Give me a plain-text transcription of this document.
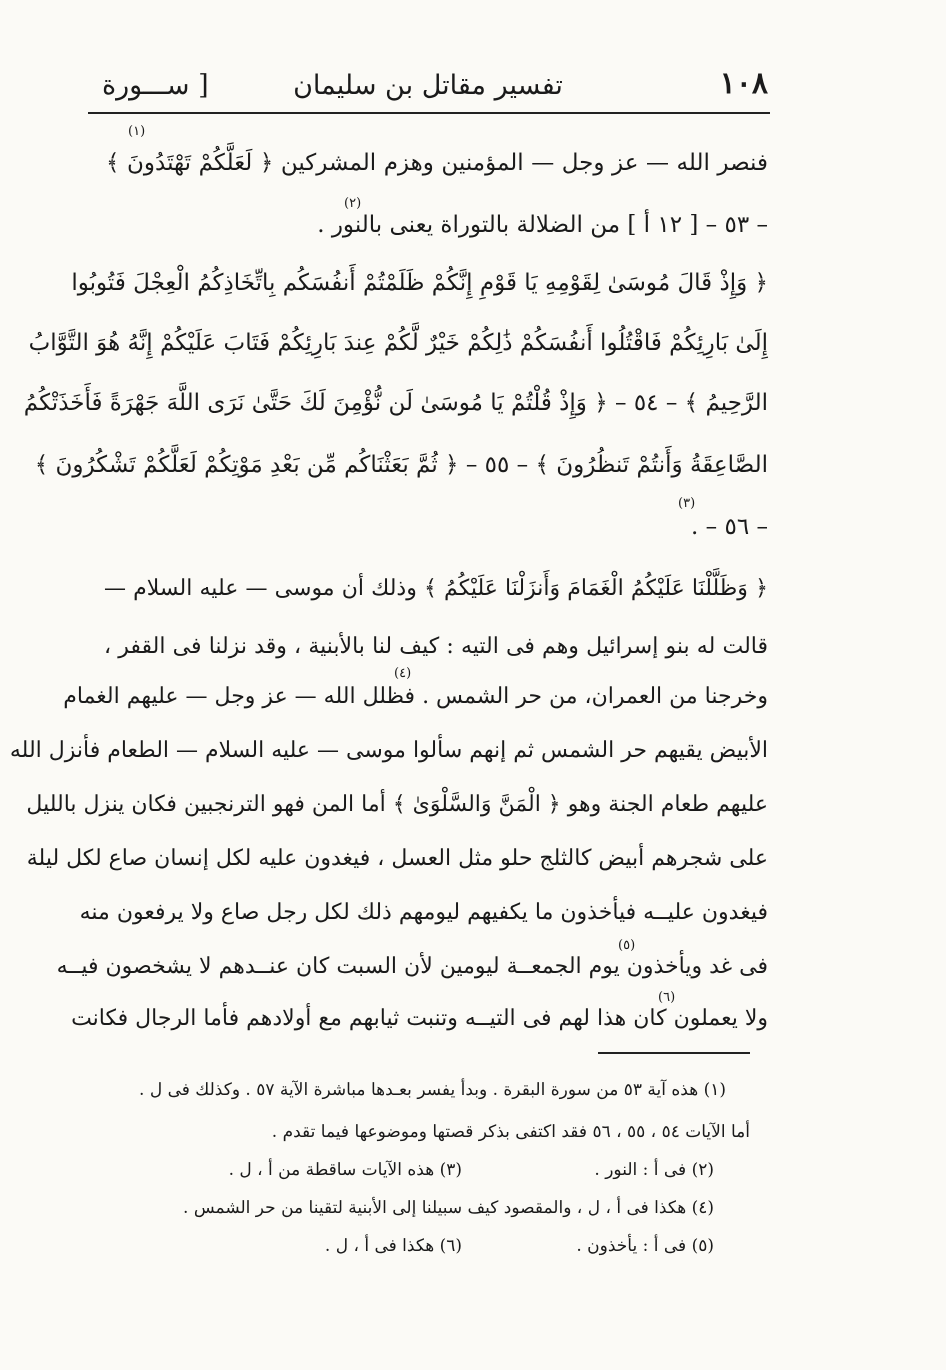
١٠٨
تفسير مقاتل بن سليمان
[ ســـورة
(١)
فنصر الله — عز وجل — المؤمنين وهزم المشركين ﴿ لَعَلَّكُمْ تَهْتَدُونَ ﴾
(٢)
– ٥٣ – [ ١٢ أ ] من الضلالة بالتوراة يعنى بالنور .
﴿ وَإِذْ قَالَ مُوسَىٰ لِقَوْمِهِ يَا قَوْمِ إِنَّكُمْ ظَلَمْتُمْ أَنفُسَكُم بِاتِّخَاذِكُمُ الْعِجْلَ فَتُوبُوا
إِلَىٰ بَارِئِكُمْ فَاقْتُلُوا أَنفُسَكُمْ ذَٰلِكُمْ خَيْرٌ لَّكُمْ عِندَ بَارِئِكُمْ فَتَابَ عَلَيْكُمْ إِنَّهُ هُوَ التَّوَّابُ
الرَّحِيمُ ﴾ – ٥٤ – ﴿ وَإِذْ قُلْتُمْ يَا مُوسَىٰ لَن نُّؤْمِنَ لَكَ حَتَّىٰ نَرَى اللَّهَ جَهْرَةً فَأَخَذَتْكُمُ
الصَّاعِقَةُ وَأَنتُمْ تَنظُرُونَ ﴾ – ٥٥ – ﴿ ثُمَّ بَعَثْنَاكُم مِّن بَعْدِ مَوْتِكُمْ لَعَلَّكُمْ تَشْكُرُونَ ﴾
(٣)
– ٥٦ – .
﴿ وَظَلَّلْنَا عَلَيْكُمُ الْغَمَامَ وَأَنزَلْنَا عَلَيْكُمُ ﴾ وذلك أن موسى — عليه السلام —
قالت له بنو إسرائيل وهم فى التيه : كيف لنا بالأبنية ، وقد نزلنا فى القفر ،
(٤)
وخرجنا من العمران، من حر الشمس . فظلل الله — عز وجل — عليهم الغمام
الأبيض يقيهم حر الشمس ثم إنهم سألوا موسى — عليه السلام — الطعام فأنزل الله
عليهم طعام الجنة وهو ﴿ الْمَنَّ وَالسَّلْوَىٰ ﴾ أما المن فهو الترنجبين فكان ينزل بالليل
على شجرهم أبيض كالثلج حلو مثل العسل ، فيغدون عليه لكل إنسان صاع لكل ليلة
فيغدون عليــه فيأخذون ما يكفيهم ليومهم ذلك لكل رجل صاع ولا يرفعون منه
(٥)
فى غد ويأخذون يوم الجمعــة ليومين لأن السبت كان عنــدهم لا يشخصون فيــه
(٦)
ولا يعملون كان هذا لهم فى التيــه وتنبت ثيابهم مع أولادهم فأما الرجال فكانت
(١) هذه آية ٥٣ من سورة البقرة . وبدأ يفسر بعـدها مباشرة الآية ٥٧ . وكذلك فى ل .
أما الآيات ٥٤ ، ٥٥ ، ٥٦ فقد اكتفى بذكر قصتها وموضوعها فيما تقدم .
(٢) فى أ : النور .
(٣) هذه الآيات ساقطة من أ ، ل .
(٤) هكذا فى أ ، ل ، والمقصود كيف سبيلنا إلى الأبنية لتقينا من حر الشمس .
(٥) فى أ : يأخذون .
(٦) هكذا فى أ ، ل .
